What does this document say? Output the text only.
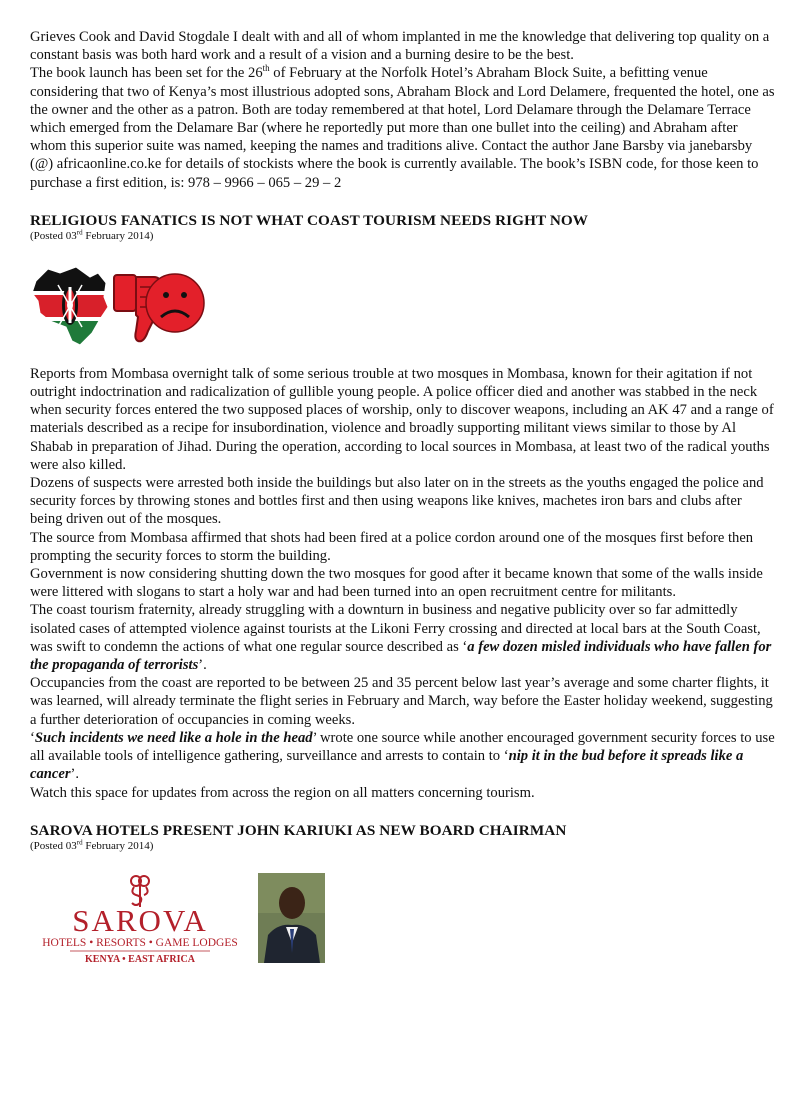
Grieves Cook and David Stogdale I dealt with and all of whom implanted in me the knowledge that delivering top quality on a constant basis was both hard work and a result of a vision and a burning desire to be the best.

The book launch has been set for the 26th of February at the Norfolk Hotel’s Abraham Block Suite, a befitting venue considering that two of Kenya’s most illustrious adopted sons, Abraham Block and Lord Delamere, frequented the hotel, one as the owner and the other as a patron. Both are today remembered at that hotel, Lord Delamare through the Delamare Terrace which emerged from the Delamare Bar (where he reportedly put more than one bullet into the ceiling) and Abraham after whom this superior suite was named, keeping the names and traditions alive. Contact the author Jane Barsby via janebarsby (@) africaonline.co.ke for details of stockists where the book is currently available. The book’s ISBN code, for those keen to purchase a first edition, is: 978 – 9966 – 065 – 29 – 2

RELIGIOUS FANATICS IS NOT WHAT COAST TOURISM NEEDS RIGHT NOW

(Posted 03rd February 2014)

Reports from Mombasa overnight talk of some serious trouble at two mosques in Mombasa, known for their agitation if not outright indoctrination and radicalization of gullible young people. A police officer died and another was stabbed in the neck when security forces entered the two supposed places of worship, only to discover weapons, including an AK 47 and a range of materials described as a recipe for insubordination, violence and broadly supporting militant views similar to those by Al Shabab in preparation of Jihad. During the operation, according to local sources in Mombasa, at least two of the radical youths were also killed.

Dozens of suspects were arrested both inside the buildings but also later on in the streets as the youths engaged the police and security forces by throwing stones and bottles first and then using weapons like knives, machetes iron bars and clubs after being driven out of the mosques.

The source from Mombasa affirmed that shots had been fired at a police cordon around one of the mosques first before then prompting the security forces to storm the building.

Government is now considering shutting down the two mosques for good after it became known that some of the walls inside were littered with slogans to start a holy war and had been turned into an open recruitment centre for militants.

The coast tourism fraternity, already struggling with a downturn in business and negative publicity over so far admittedly isolated cases of attempted violence against tourists at the Likoni Ferry crossing and directed at local bars at the South Coast, was swift to condemn the actions of what one regular source described as ‘a few dozen misled individuals who have fallen for the propaganda of terrorists’.

Occupancies from the coast are reported to be between 25 and 35 percent below last year’s average and some charter flights, it was learned, will already terminate the flight series in February and March, way before the Easter holiday weekend, suggesting a further deterioration of occupancies in coming weeks.

‘Such incidents we need like a hole in the head’ wrote one source while another encouraged government security forces to use all available tools of intelligence gathering, surveillance and arrests to contain to ‘nip it in the bud before it spreads like a cancer’.

Watch this space for updates from across the region on all matters concerning tourism.

SAROVA HOTELS PRESENT JOHN KARIUKI AS NEW BOARD CHAIRMAN

(Posted 03rd February 2014)

SAROVA
HOTELS • RESORTS • GAME LODGES
KENYA • EAST AFRICA
